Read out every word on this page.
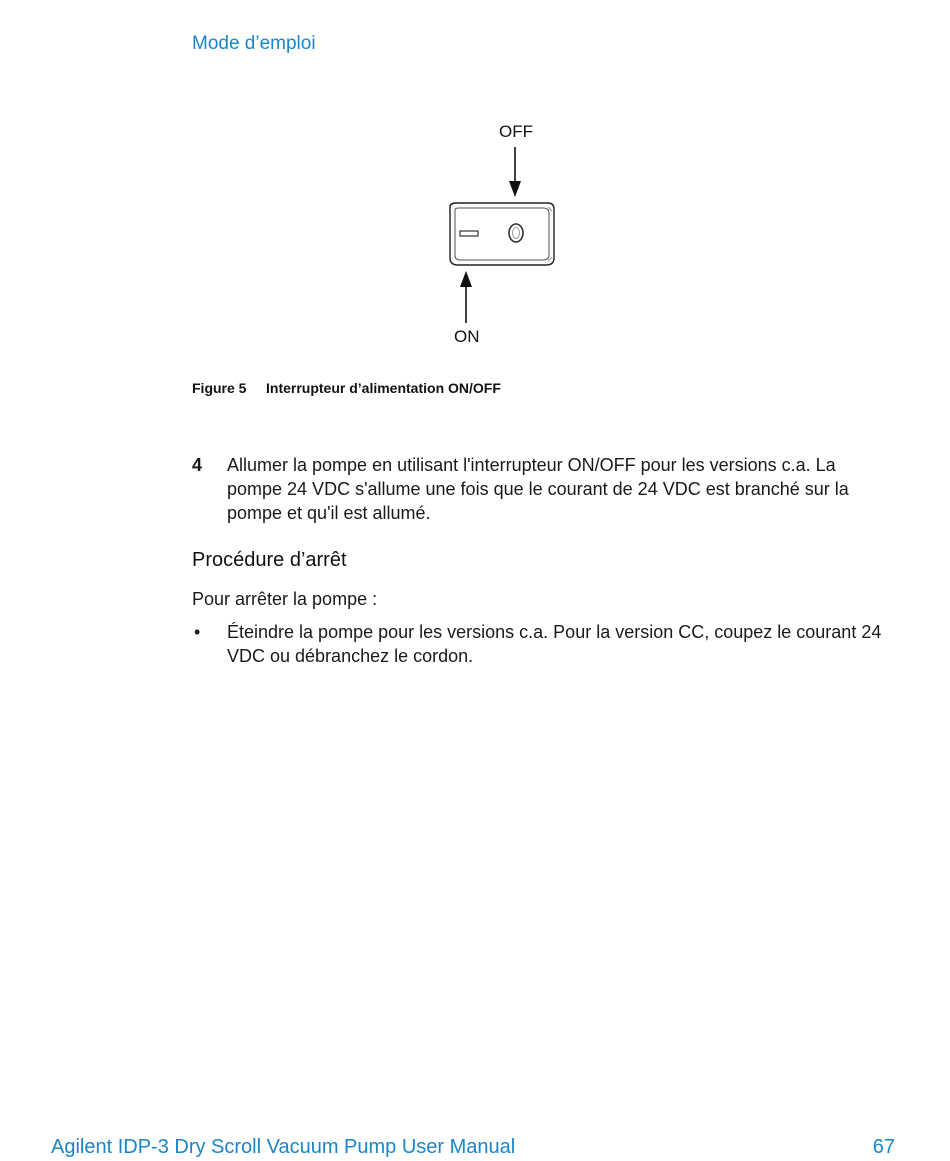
Mode d’emploi
OFF
ON
Figure 5 Interrupteur d’alimentation ON/OFF
4 Allumer la pompe en utilisant l'interrupteur ON/OFF pour les versions c.a. La pompe 24 VDC s'allume une fois que le courant de 24 VDC est branché sur la pompe et qu'il est allumé.
Procédure d’arrêt
Pour arrêter la pompe :
• Éteindre la pompe pour les versions c.a. Pour la version CC, coupez le courant 24 VDC ou débranchez le cordon.
Agilent IDP-3 Dry Scroll Vacuum Pump User Manual	67
